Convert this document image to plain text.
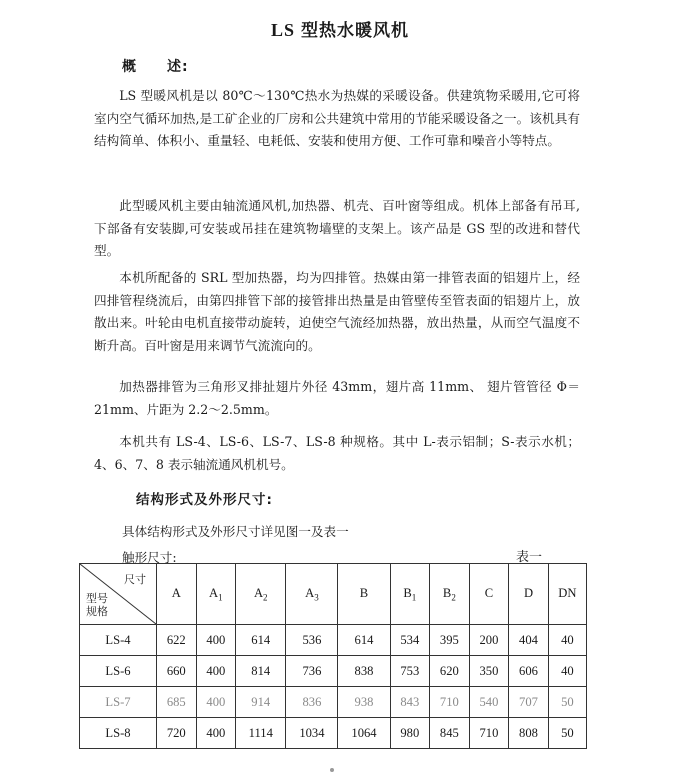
LS 型热水暖风机
概　　述:

LS 型暖风机是以 80℃～130℃热水为热媒的采暖设备。供建筑物采暖用,它可将室内空气循环加热,是工矿企业的厂房和公共建筑中常用的节能采暖设备之一。该机具有结构简单、体积小、重量轻、电耗低、安装和使用方便、工作可靠和噪音小等特点。

此型暖风机主要由轴流通风机,加热器、机壳、百叶窗等组成。机体上部备有吊耳,下部备有安装脚,可安装或吊挂在建筑物墙壁的支架上。该产品是 GS 型的改进和替代型。

本机所配备的 SRL 型加热器，均为四排管。热媒由第一排管表面的铝翅片上，经四排管程绕流后，由第四排管下部的接管排出热量是由管壁传至管表面的铝翅片上，放散出来。叶轮由电机直接带动旋转，迫使空气流经加热器，放出热量，从而空气温度不断升高。百叶窗是用来调节气流流向的。

加热器排管为三角形叉排扯翅片外径 43mm，翅片高 11mm、 翅片管管径 Φ＝21mm、片距为 2.2～2.5mm。

本机共有 LS-4、LS-6、LS-7、LS-8 种规格。其中 L-表示铝制；S-表示水机；4、6、7、8 表示轴流通风机机号。

结构形式及外形尺寸:
具体结构形式及外形尺寸详见图一及表一
触形尺寸:	表一
尺寸
型号
规格	A	$A_1$	$A_2$	$A_3$	B	$B_1$	$B_2$	C	D	DN
LS-4	622	400	614	536	614	534	395	200	404	40
LS-6	660	400	814	736	838	753	620	350	606	40
LS-7	685	400	914	836	938	843	710	540	707	50
LS-8	720	400	1114	1034	1064	980	845	710	808	50
